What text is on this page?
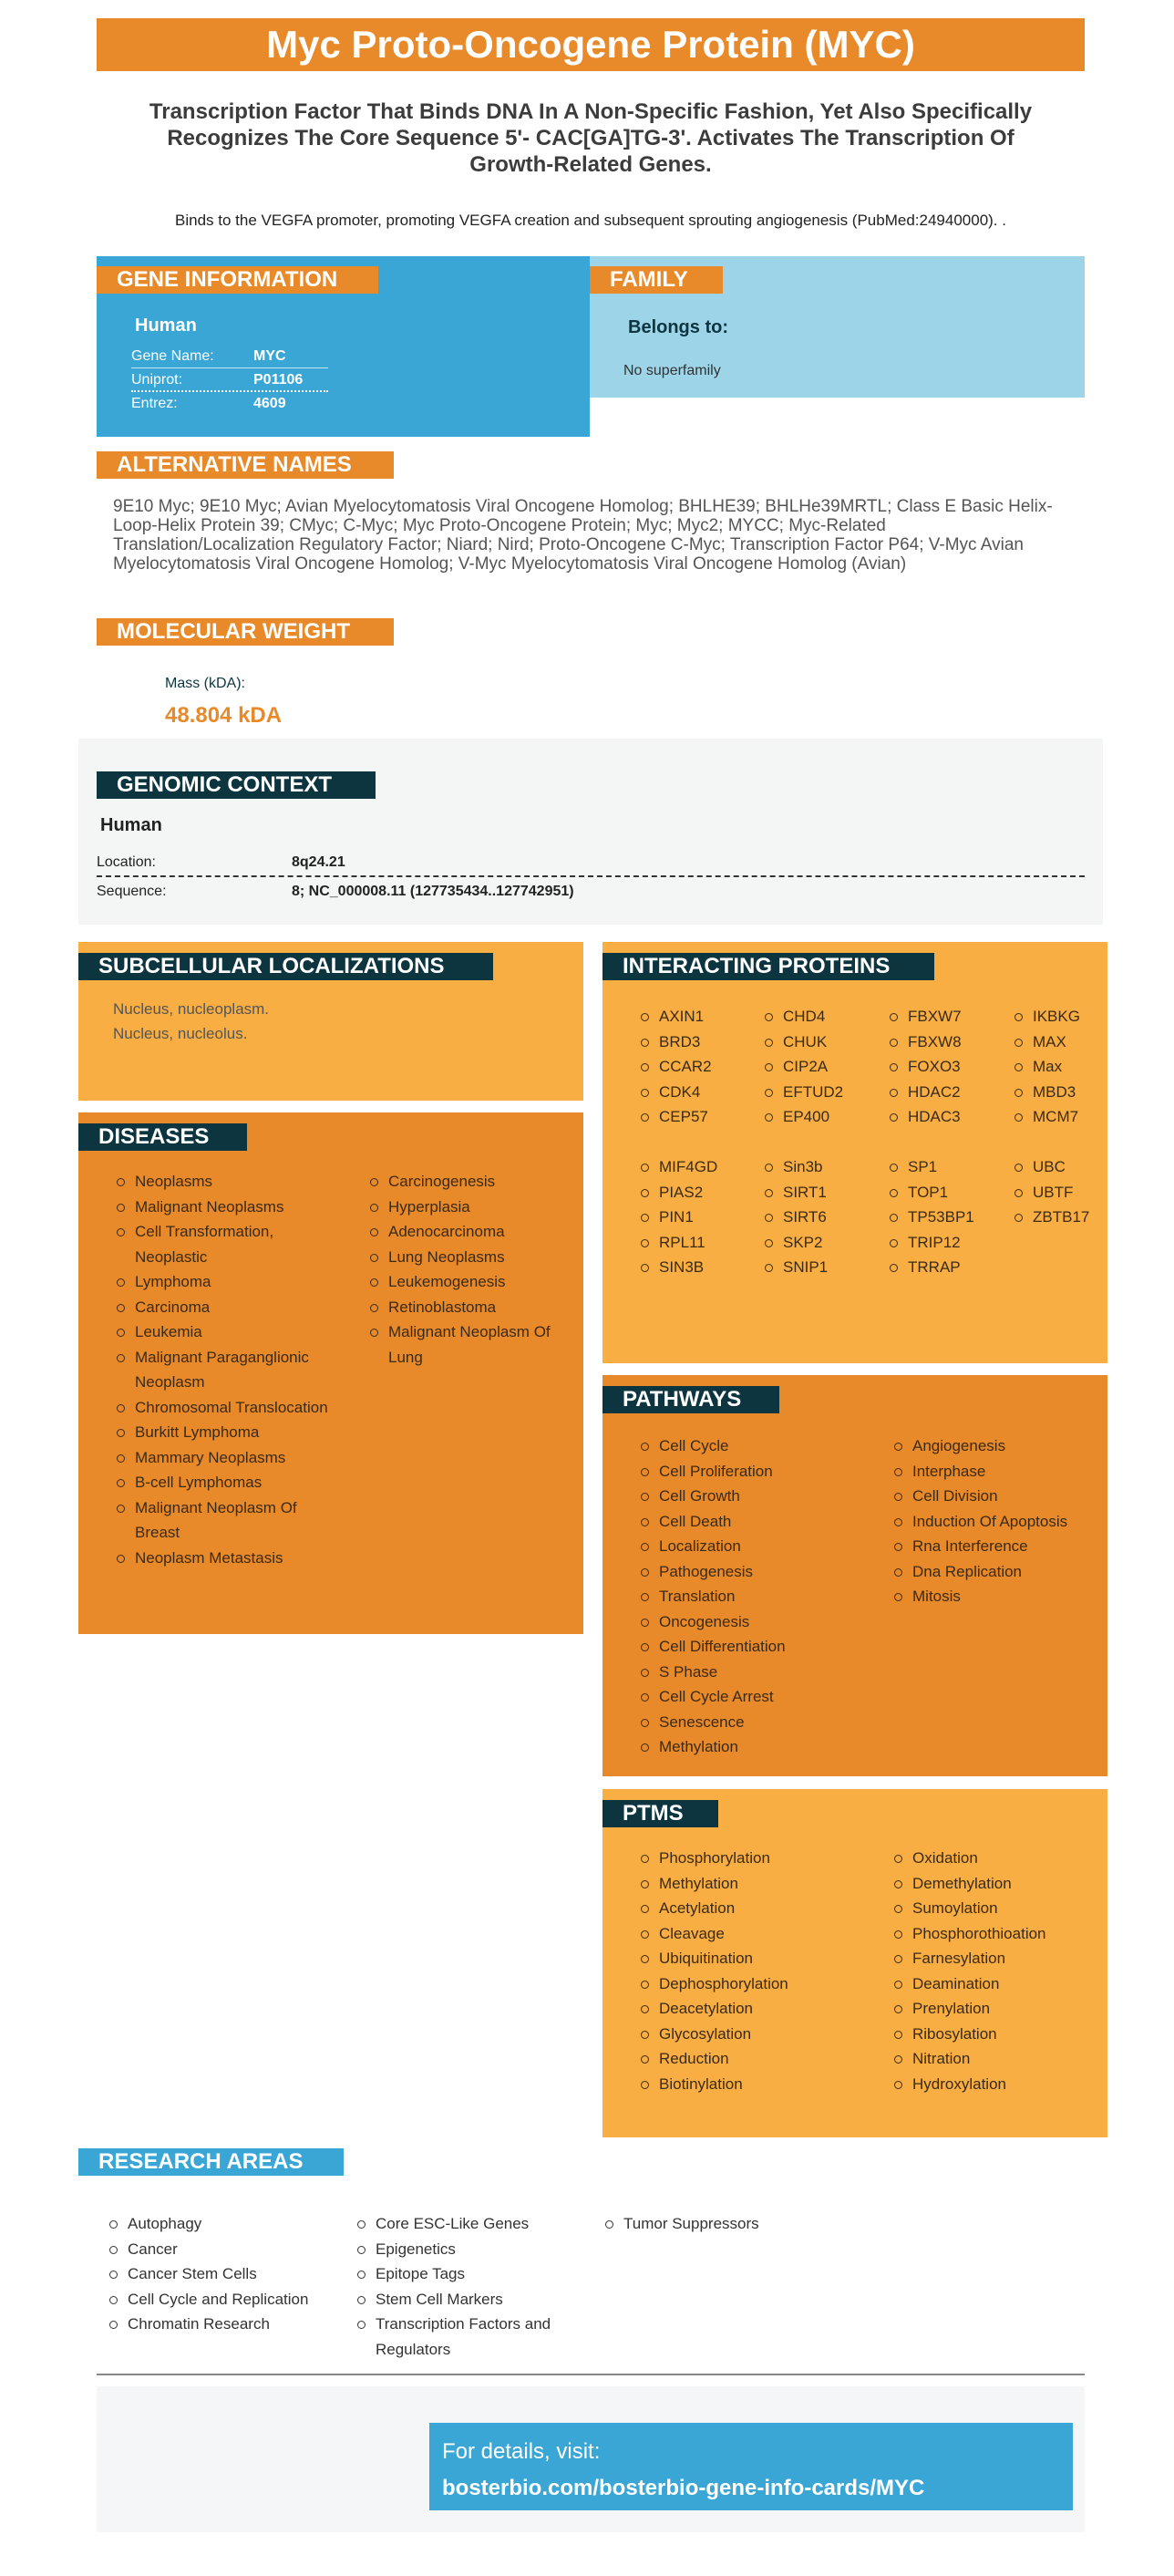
Myc Proto-Oncogene Protein (MYC)
Transcription Factor That Binds DNA In A Non-Specific Fashion, Yet Also Specifically Recognizes The Core Sequence 5'- CAC[GA]TG-3'. Activates The Transcription Of Growth-Related Genes.
Binds to the VEGFA promoter, promoting VEGFA creation and subsequent sprouting angiogenesis (PubMed:24940000). .
GENE INFORMATION
Human
Gene Name:	MYC
Uniprot:	P01106
Entrez:	4609
FAMILY
Belongs to:
No superfamily
ALTERNATIVE NAMES
9E10 Myc; 9E10 Myc; Avian Myelocytomatosis Viral Oncogene Homolog; BHLHE39; BHLHe39MRTL; Class E Basic Helix-Loop-Helix Protein 39; CMyc; C-Myc; Myc Proto-Oncogene Protein; Myc; Myc2; MYCC; Myc-Related Translation/Localization Regulatory Factor; Niard; Nird; Proto-Oncogene C-Myc; Transcription Factor P64; V-Myc Avian Myelocytomatosis Viral Oncogene Homolog; V-Myc Myelocytomatosis Viral Oncogene Homolog (Avian)
MOLECULAR WEIGHT
Mass (kDA):
48.804 kDA
GENOMIC CONTEXT
Human
Location:	8q24.21
Sequence:	8; NC_000008.11 (127735434..127742951)
SUBCELLULAR LOCALIZATIONS
Nucleus, nucleoplasm.
Nucleus, nucleolus.
DISEASES
Neoplasms
Malignant Neoplasms
Cell Transformation, Neoplastic
Lymphoma
Carcinoma
Leukemia
Malignant Paraganglionic Neoplasm
Chromosomal Translocation
Burkitt Lymphoma
Mammary Neoplasms
B-cell Lymphomas
Malignant Neoplasm Of Breast
Neoplasm Metastasis
Carcinogenesis
Hyperplasia
Adenocarcinoma
Lung Neoplasms
Leukemogenesis
Retinoblastoma
Malignant Neoplasm Of Lung
INTERACTING PROTEINS
AXIN1
BRD3
CCAR2
CDK4
CEP57
CHD4
CHUK
CIP2A
EFTUD2
EP400
FBXW7
FBXW8
FOXO3
HDAC2
HDAC3
IKBKG
MAX
Max
MBD3
MCM7
MIF4GD
PIAS2
PIN1
RPL11
SIN3B
Sin3b
SIRT1
SIRT6
SKP2
SNIP1
SP1
TOP1
TP53BP1
TRIP12
TRRAP
UBC
UBTF
ZBTB17
PATHWAYS
Cell Cycle
Cell Proliferation
Cell Growth
Cell Death
Localization
Pathogenesis
Translation
Oncogenesis
Cell Differentiation
S Phase
Cell Cycle Arrest
Senescence
Methylation
Angiogenesis
Interphase
Cell Division
Induction Of Apoptosis
Rna Interference
Dna Replication
Mitosis
PTMS
Phosphorylation
Methylation
Acetylation
Cleavage
Ubiquitination
Dephosphorylation
Deacetylation
Glycosylation
Reduction
Biotinylation
Oxidation
Demethylation
Sumoylation
Phosphorothioation
Farnesylation
Deamination
Prenylation
Ribosylation
Nitration
Hydroxylation
RESEARCH AREAS
Autophagy
Cancer
Cancer Stem Cells
Cell Cycle and Replication
Chromatin Research
Core ESC-Like Genes
Epigenetics
Epitope Tags
Stem Cell Markers
Transcription Factors and Regulators
Tumor Suppressors
For details, visit:
bosterbio.com/bosterbio-gene-info-cards/MYC
